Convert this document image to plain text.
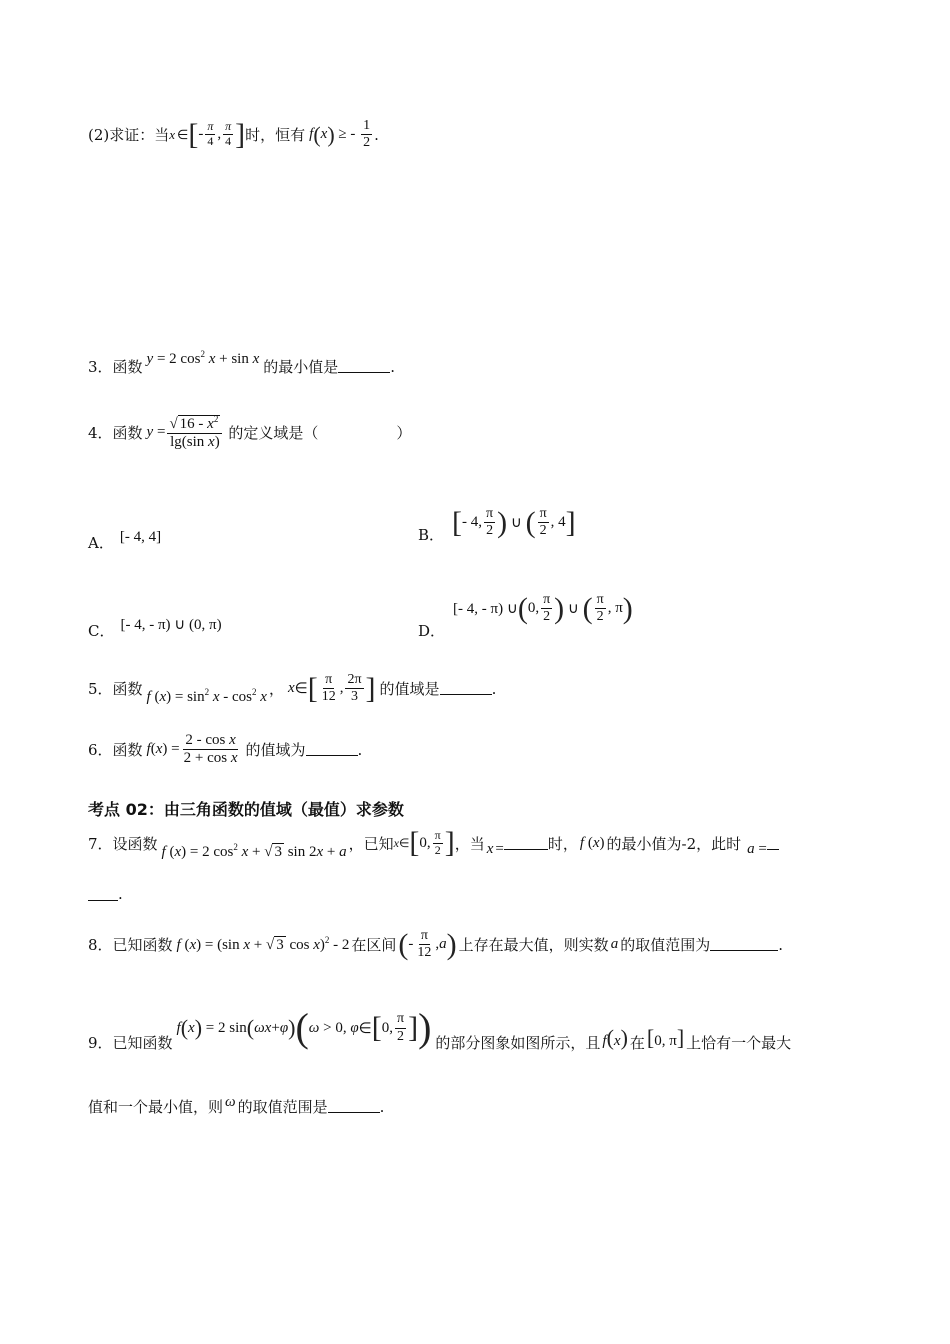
(2)求证：当 x ∈ [ - $\frac{\pi}{4}$ , $\frac{\pi}{4}$ ] 时，恒有 f ( x ) ≥ - $\frac{1}{2}$ .
3．函数 y = 2 $\cos^2 x + \sin x$ 的最小值是	.
4．函数 $y = \frac{√ 16 - x^2}{\text{lg(sin x)}}$ 的定义域是（	）
A． [- 4, 4]	B． [ - 4, $\frac{\pi}{2}$ ) ∪ ( $\frac{\pi}{2}$ , 4 ]
C． [- 4, - π) ∪ (0, π)	D．
[- 4, - π) ∪ ( 0, $\frac{\pi}{2}$ ) ∪ ( $\frac{\pi}{2}$ , π )
5．函数 f $(x) = \sin^2 x - \cos^2 x$ ， x ∈ [ $\frac{\pi}{12}$ , $\frac{2\pi}{3}$ ] 的值域是	.
6．函数 f ( x ) = $\frac{\text{2 - cos x}}{\text{2 + cos x}}$ 的值域为	.
考点 02：由三角函数的值域（最值）求参数
7．设函数 f (x) = 2 $\cos^2 x$ + √ 3 sin 2x + a ，已知 x ∈ [ 0, $\frac{\pi}{2}$ ] ，当 x =	时， f (x) 的最小值为-2，此时 a =
.
8．已知函数 f (x) = (sin x + √ 3 cos x)$^2$ - 2 在区间 ( - $\frac{\pi}{12}$ , a ) 上存在最大值，则实数 a 的取值范围为	.
9．已知函数
f ( x ) = 2 sin ( ωx + φ ) ( ω > 0, φ ∈ [ 0, $\frac{\pi}{2}$ ] ) 的部分图象如图所示，且 f(x) 在 [0, π] 上恰有一个最大
值和一个最小值，则 ω 的取值范围是	.
